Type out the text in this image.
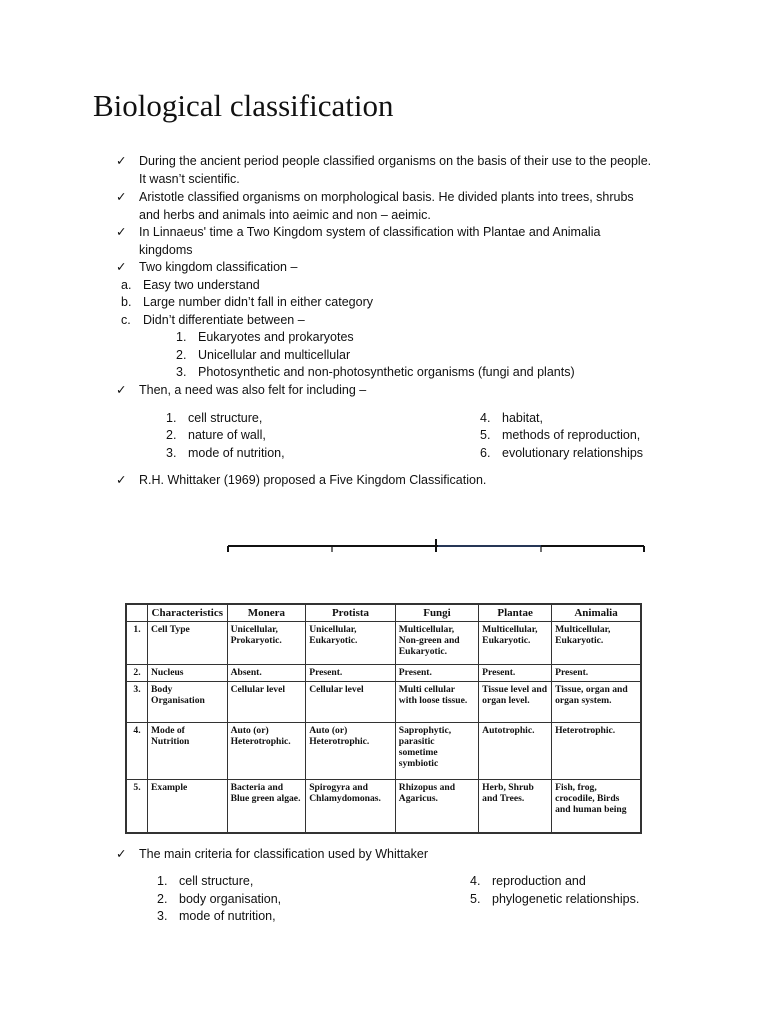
Biological classification
✓ During the ancient period people classified organisms on the basis of their use to the people.
It wasn’t scientific.
✓ Aristotle classified organisms on morphological basis. He divided plants into trees, shrubs
and herbs and animals into aeimic and non – aeimic.
✓ In Linnaeus' time a Two Kingdom system of classification with Plantae and Animalia
kingdoms
✓ Two kingdom classification –
a. Easy two understand
b. Large number didn’t fall in either category
c. Didn’t differentiate between –
1. Eukaryotes and prokaryotes
2. Unicellular and multicellular
3. Photosynthetic and non-photosynthetic organisms (fungi and plants)
✓ Then, a need was also felt for including –
1. cell structure,
2. nature of wall,
3. mode of nutrition,
4. habitat,
5. methods of reproduction,
6. evolutionary relationships
✓ R.H. Whittaker (1969) proposed a Five Kingdom Classification.
	Characteristics	Monera	Protista	Fungi	Plantae	Animalia
1.	Cell Type	Unicellular, Prokaryotic.	Unicellular, Eukaryotic.	Multicellular, Non-green and Eukaryotic.	Multicellular, Eukaryotic.	Multicellular, Eukaryotic.
2.	Nucleus	Absent.	Present.	Present.	Present.	Present.
3.	Body Organisation	Cellular level	Cellular level	Multi cellular with loose tissue.	Tissue level and organ level.	Tissue, organ and organ system.
4.	Mode of Nutrition	Auto (or) Heterotrophic.	Auto (or) Heterotrophic.	Saprophytic, parasitic sometime symbiotic	Autotrophic.	Heterotrophic.
5.	Example	Bacteria and Blue green algae.	Spirogyra and Chlamydomonas.	Rhizopus and Agaricus.	Herb, Shrub and Trees.	Fish, frog, crocodile, Birds and human being
✓ The main criteria for classification used by Whittaker
1. cell structure,
2. body organisation,
3. mode of nutrition,
4. reproduction and
5. phylogenetic relationships.
